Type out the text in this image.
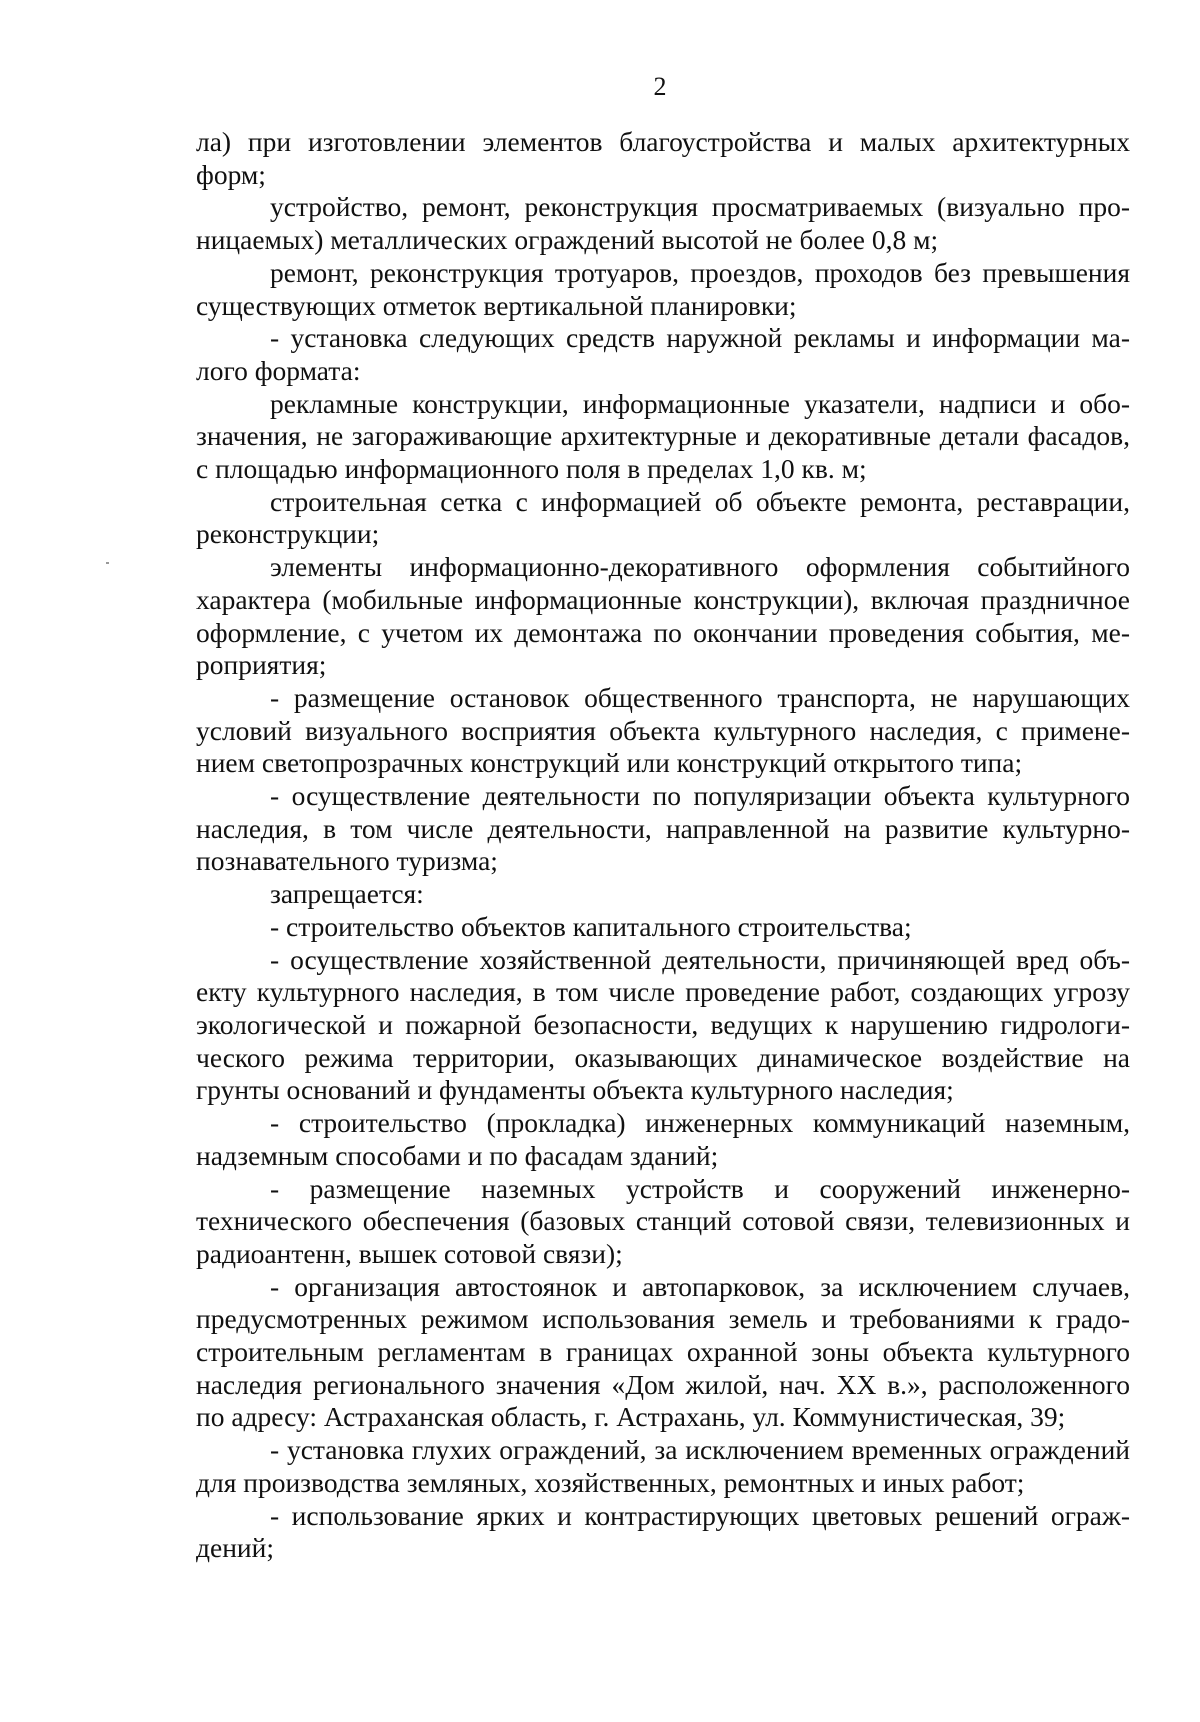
2

ла) при изготовлении элементов благоустройства и малых архитектурных форм;

устройство, ремонт, реконструкция просматриваемых (визуально проницаемых) металлических ограждений высотой не более 0,8 м;

ремонт, реконструкция тротуаров, проездов, проходов без превышения существующих отметок вертикальной планировки;

- установка следующих средств наружной рекламы и информации малого формата:

рекламные конструкции, информационные указатели, надписи и обозначения, не загораживающие архитектурные и декоративные детали фасадов, с площадью информационного поля в пределах 1,0 кв. м;

строительная сетка с информацией об объекте ремонта, реставрации, реконструкции;

элементы информационно-декоративного оформления событийного характера (мобильные информационные конструкции), включая праздничное оформление, с учетом их демонтажа по окончании проведения события, мероприятия;

- размещение остановок общественного транспорта, не нарушающих условий визуального восприятия объекта культурного наследия, с применением светопрозрачных конструкций или конструкций открытого типа;

- осуществление деятельности по популяризации объекта культурного наследия, в том числе деятельности, направленной на развитие культурно-познавательного туризма;

запрещается:

- строительство объектов капитального строительства;

- осуществление хозяйственной деятельности, причиняющей вред объекту культурного наследия, в том числе проведение работ, создающих угрозу экологической и пожарной безопасности, ведущих к нарушению гидрологического режима территории, оказывающих динамическое воздействие на грунты оснований и фундаменты объекта культурного наследия;

- строительство (прокладка) инженерных коммуникаций наземным, надземным способами и по фасадам зданий;

- размещение наземных устройств и сооружений инженерно-технического обеспечения (базовых станций сотовой связи, телевизионных и радиоантенн, вышек сотовой связи);

- организация автостоянок и автопарковок, за исключением случаев, предусмотренных режимом использования земель и требованиями к градостроительным регламентам в границах охранной зоны объекта культурного наследия регионального значения «Дом жилой, нач. XX в.», расположенного по адресу: Астраханская область, г. Астрахань, ул. Коммунистическая, 39;

- установка глухих ограждений, за исключением временных ограждений для производства земляных, хозяйственных, ремонтных и иных работ;

- использование ярких и контрастирующих цветовых решений ограждений;
